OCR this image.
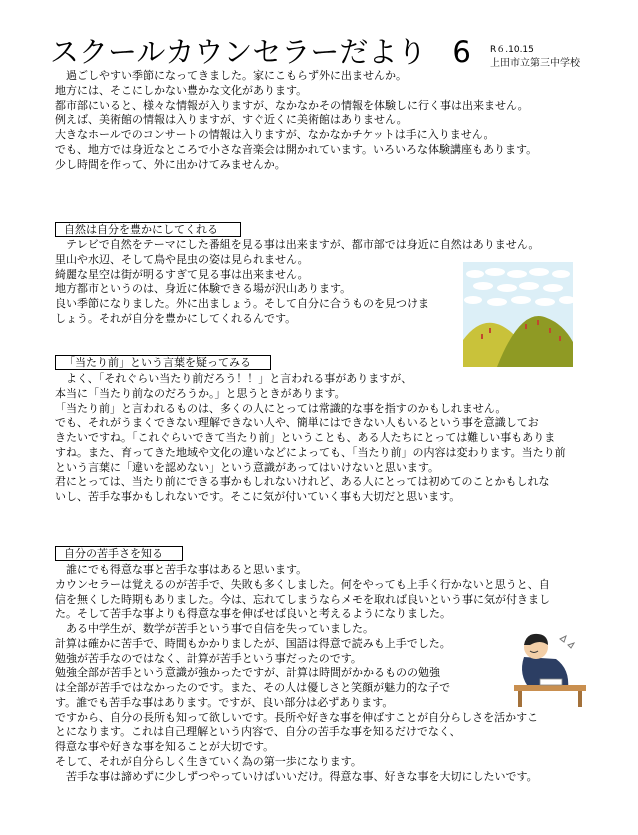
スクールカウンセラーだより 6 R６.10.15
上田市立第三中学校
過ごしやすい季節になってきました。家にこもらず外に出ませんか。
地方には、そこにしかない豊かな文化があります。
都市部にいると、様々な情報が入りますが、なかなかその情報を体験しに行く事は出来ません。
例えば、美術館の情報は入りますが、すぐ近くに美術館はありません。
大きなホールでのコンサートの情報は入りますが、なかなかチケットは手に入りません。
でも、地方では身近なところで小さな音楽会は開かれています。いろいろな体験講座もあります。
少し時間を作って、外に出かけてみませんか。
自然は自分を豊かにしてくれる
テレビで自然をテーマにした番組を見る事は出来ますが、都市部では身近に自然はありません。
里山や水辺、そして鳥や昆虫の姿は見られません。
綺麗な星空は街が明るすぎて見る事は出来ません。
地方都市というのは、身近に体験できる場が沢山あります。
良い季節になりました。外に出ましょう。そして自分に合うものを見つけま
しょう。それが自分を豊かにしてくれるんです。
「当たり前」という言葉を疑ってみる
よく、「それぐらい当たり前だろう！！」と言われる事がありますが、
本当に「当たり前なのだろうか。」と思うときがあります。
「当たり前」と言われるものは、多くの人にとっては常識的な事を指すのかもしれません。
でも、それがうまくできない理解できない人や、簡単にはできない人もいるという事を意識してお
きたいですね。「これぐらいできて当たり前」ということも、ある人たちにとっては難しい事もありま
すね。また、育ってきた地域や文化の違いなどによっても、「当たり前」の内容は変わります。当たり前
という言葉に「違いを認めない」という意識があってはいけないと思います。
君にとっては、当たり前にできる事かもしれないけれど、ある人にとっては初めてのことかもしれな
いし、苦手な事かもしれないです。そこに気が付いていく事も大切だと思います。
自分の苦手さを知る
誰にでも得意な事と苦手な事はあると思います。
カウンセラーは覚えるのが苦手で、失敗も多くしました。何をやっても上手く行かないと思うと、自
信を無くした時期もありました。今は、忘れてしまうならメモを取れば良いという事に気が付きまし
た。そして苦手な事よりも得意な事を伸ばせば良いと考えるようになりました。
ある中学生が、数学が苦手という事で自信を失っていました。
計算は確かに苦手で、時間もかかりましたが、国語は得意で読みも上手でした。
勉強が苦手なのではなく、計算が苦手という事だったのです。
勉強全部が苦手という意識が強かったですが、計算は時間がかかるものの勉強
は全部が苦手ではなかったのです。また、その人は優しさと笑顔が魅力的な子で
す。誰でも苦手な事はあります。ですが、良い部分は必ずあります。
ですから、自分の長所も知って欲しいです。長所や好きな事を伸ばすことが自分らしさを活かすこ
とになります。これは自己理解という内容で、自分の苦手な事を知るだけでなく、
得意な事や好きな事を知ることが大切です。
そして、それが自分らしく生きていく為の第一歩になります。
苦手な事は諦めずに少しずつやっていけばいいだけ。得意な事、好きな事を大切にしたいです。
